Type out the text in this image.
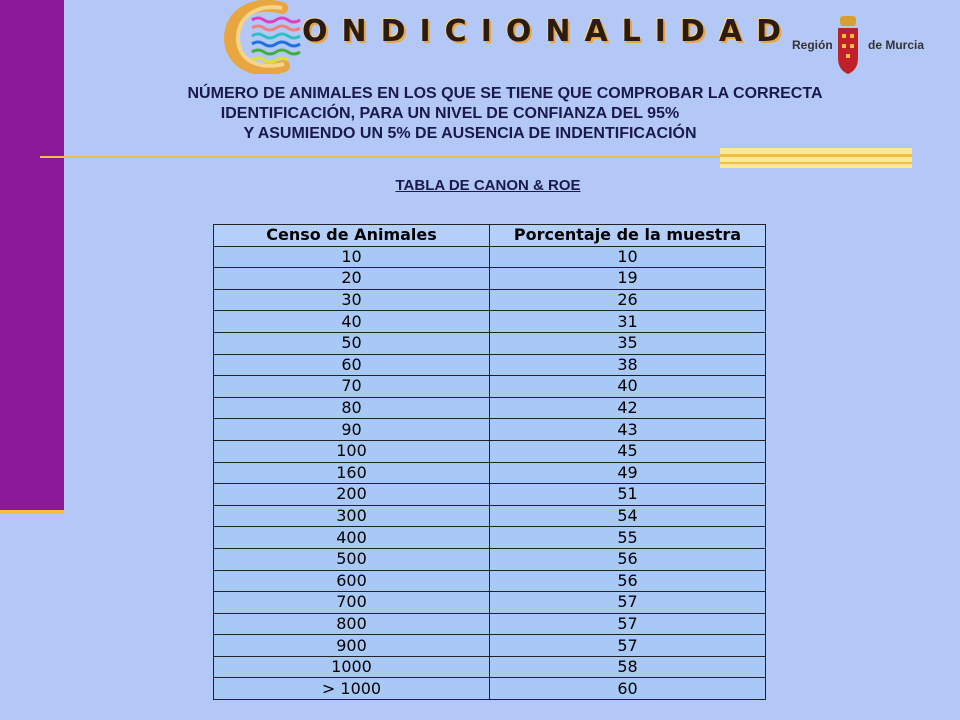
ONDICIONALIDAD
Región	de Murcia
NÚMERO DE ANIMALES EN LOS QUE SE TIENE QUE COMPROBAR LA CORRECTA
IDENTIFICACIÓN, PARA UN NIVEL DE CONFIANZA DEL 95%
Y ASUMIENDO UN 5% DE AUSENCIA DE INDENTIFICACIÓN
TABLA DE CANON & ROE
Censo de Animales	Porcentaje de la muestra
10	10
20	19
30	26
40	31
50	35
60	38
70	40
80	42
90	43
100	45
160	49
200	51
300	54
400	55
500	56
600	56
700	57
800	57
900	57
1000	58
> 1000	60
